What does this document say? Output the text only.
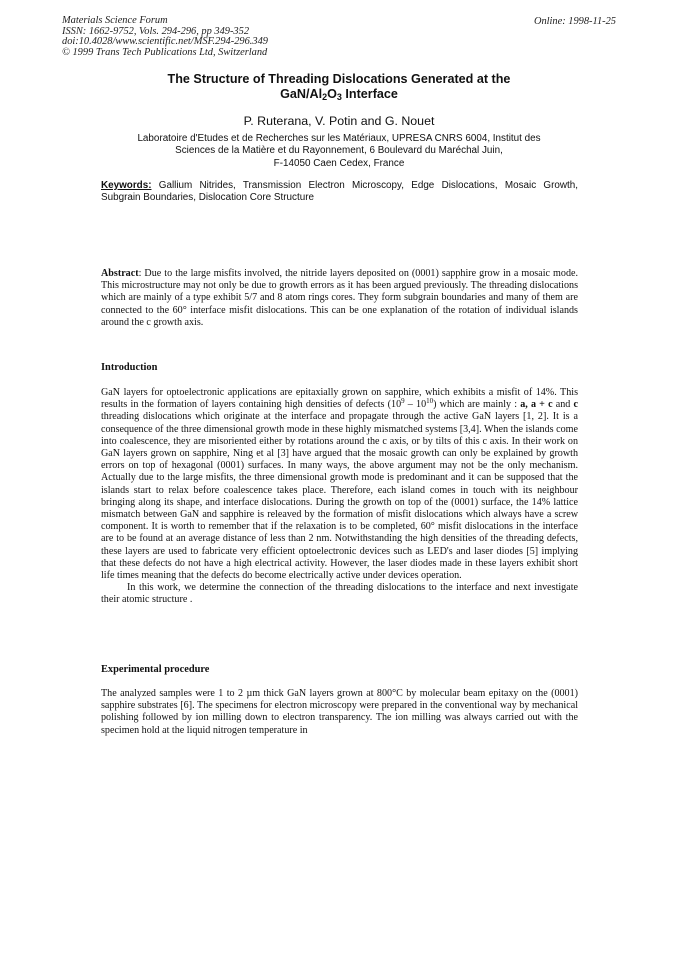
Materials Science Forum
ISSN: 1662-9752, Vols. 294-296, pp 349-352
doi:10.4028/www.scientific.net/MSF.294-296.349
© 1999 Trans Tech Publications Ltd, Switzerland
Online: 1998-11-25
The Structure of Threading Dislocations Generated at the
GaN/$Al_2O_3$ Interface
P. Ruterana, V. Potin and G. Nouet
Laboratoire d'Etudes et de Recherches sur les Matériaux, UPRESA CNRS 6004, Institut des
Sciences de la Matière et du Rayonnement, 6 Boulevard du Maréchal Juin,
F-14050 Caen Cedex, France
Keywords: Gallium Nitrides, Transmission Electron Microscopy, Edge Dislocations, Mosaic Growth, Subgrain Boundaries, Dislocation Core Structure
Abstract: Due to the large misfits involved, the nitride layers deposited on (0001) sapphire grow in a mosaic mode. This microstructure may not only be due to growth errors as it has been argued previously. The threading dislocations which are mainly of a type exhibit 5/7 and 8 atom rings cores. They form subgrain boundaries and many of them are connected to the 60° interface misfit dislocations. This can be one explanation of the rotation of individual islands around the c growth axis.
Introduction

GaN layers for optoelectronic applications are epitaxially grown on sapphire, which exhibits a misfit of 14%. This results in the formation of layers containing high densities of defects $(10^9 - 10^{10})$ which are mainly : a, a + c and c threading dislocations which originate at the interface and propagate through the active GaN layers [1, 2]. It is a consequence of the three dimensional growth mode in these highly mismatched systems [3,4]. When the islands come into coalescence, they are misoriented either by rotations around the c axis, or by tilts of this c axis. In their work on GaN layers grown on sapphire, Ning et al [3] have argued that the mosaic growth can only be explained by growth errors on top of hexagonal (0001) surfaces. In many ways, the above argument may not be the only mechanism. Actually due to the large misfits, the three dimensional growth mode is predominant and it can be supposed that the islands start to relax before coalescence takes place. Therefore, each island comes in touch with its neighbour bringing along its shape, and interface dislocations. During the growth on top of the (0001) surface, the 14% lattice mismatch between GaN and sapphire is releaved by the formation of misfit dislocations which always have a screw component. It is worth to remember that if the relaxation is to be completed, 60° misfit dislocations in the interface are to be found at an average distance of less than 2 nm. Notwithstanding the high densities of the threading defects, these layers are used to fabricate very efficient optoelectronic devices such as LED's and laser diodes [5] implying that these defects do not have a high electrical activity. However, the laser diodes made in these layers exhibit short life times meaning that the defects do become electrically active under devices operation.

In this work, we determine the connection of the threading dislocations to the interface and next investigate their atomic structure .

Experimental procedure
The analyzed samples were 1 to 2 µm thick GaN layers grown at 800°C by molecular beam epitaxy on the (0001) sapphire substrates [6]. The specimens for electron microscopy were prepared in the conventional way by mechanical polishing followed by ion milling down to electron transparency. The ion milling was always carried out with the specimen hold at the liquid nitrogen temperature in
